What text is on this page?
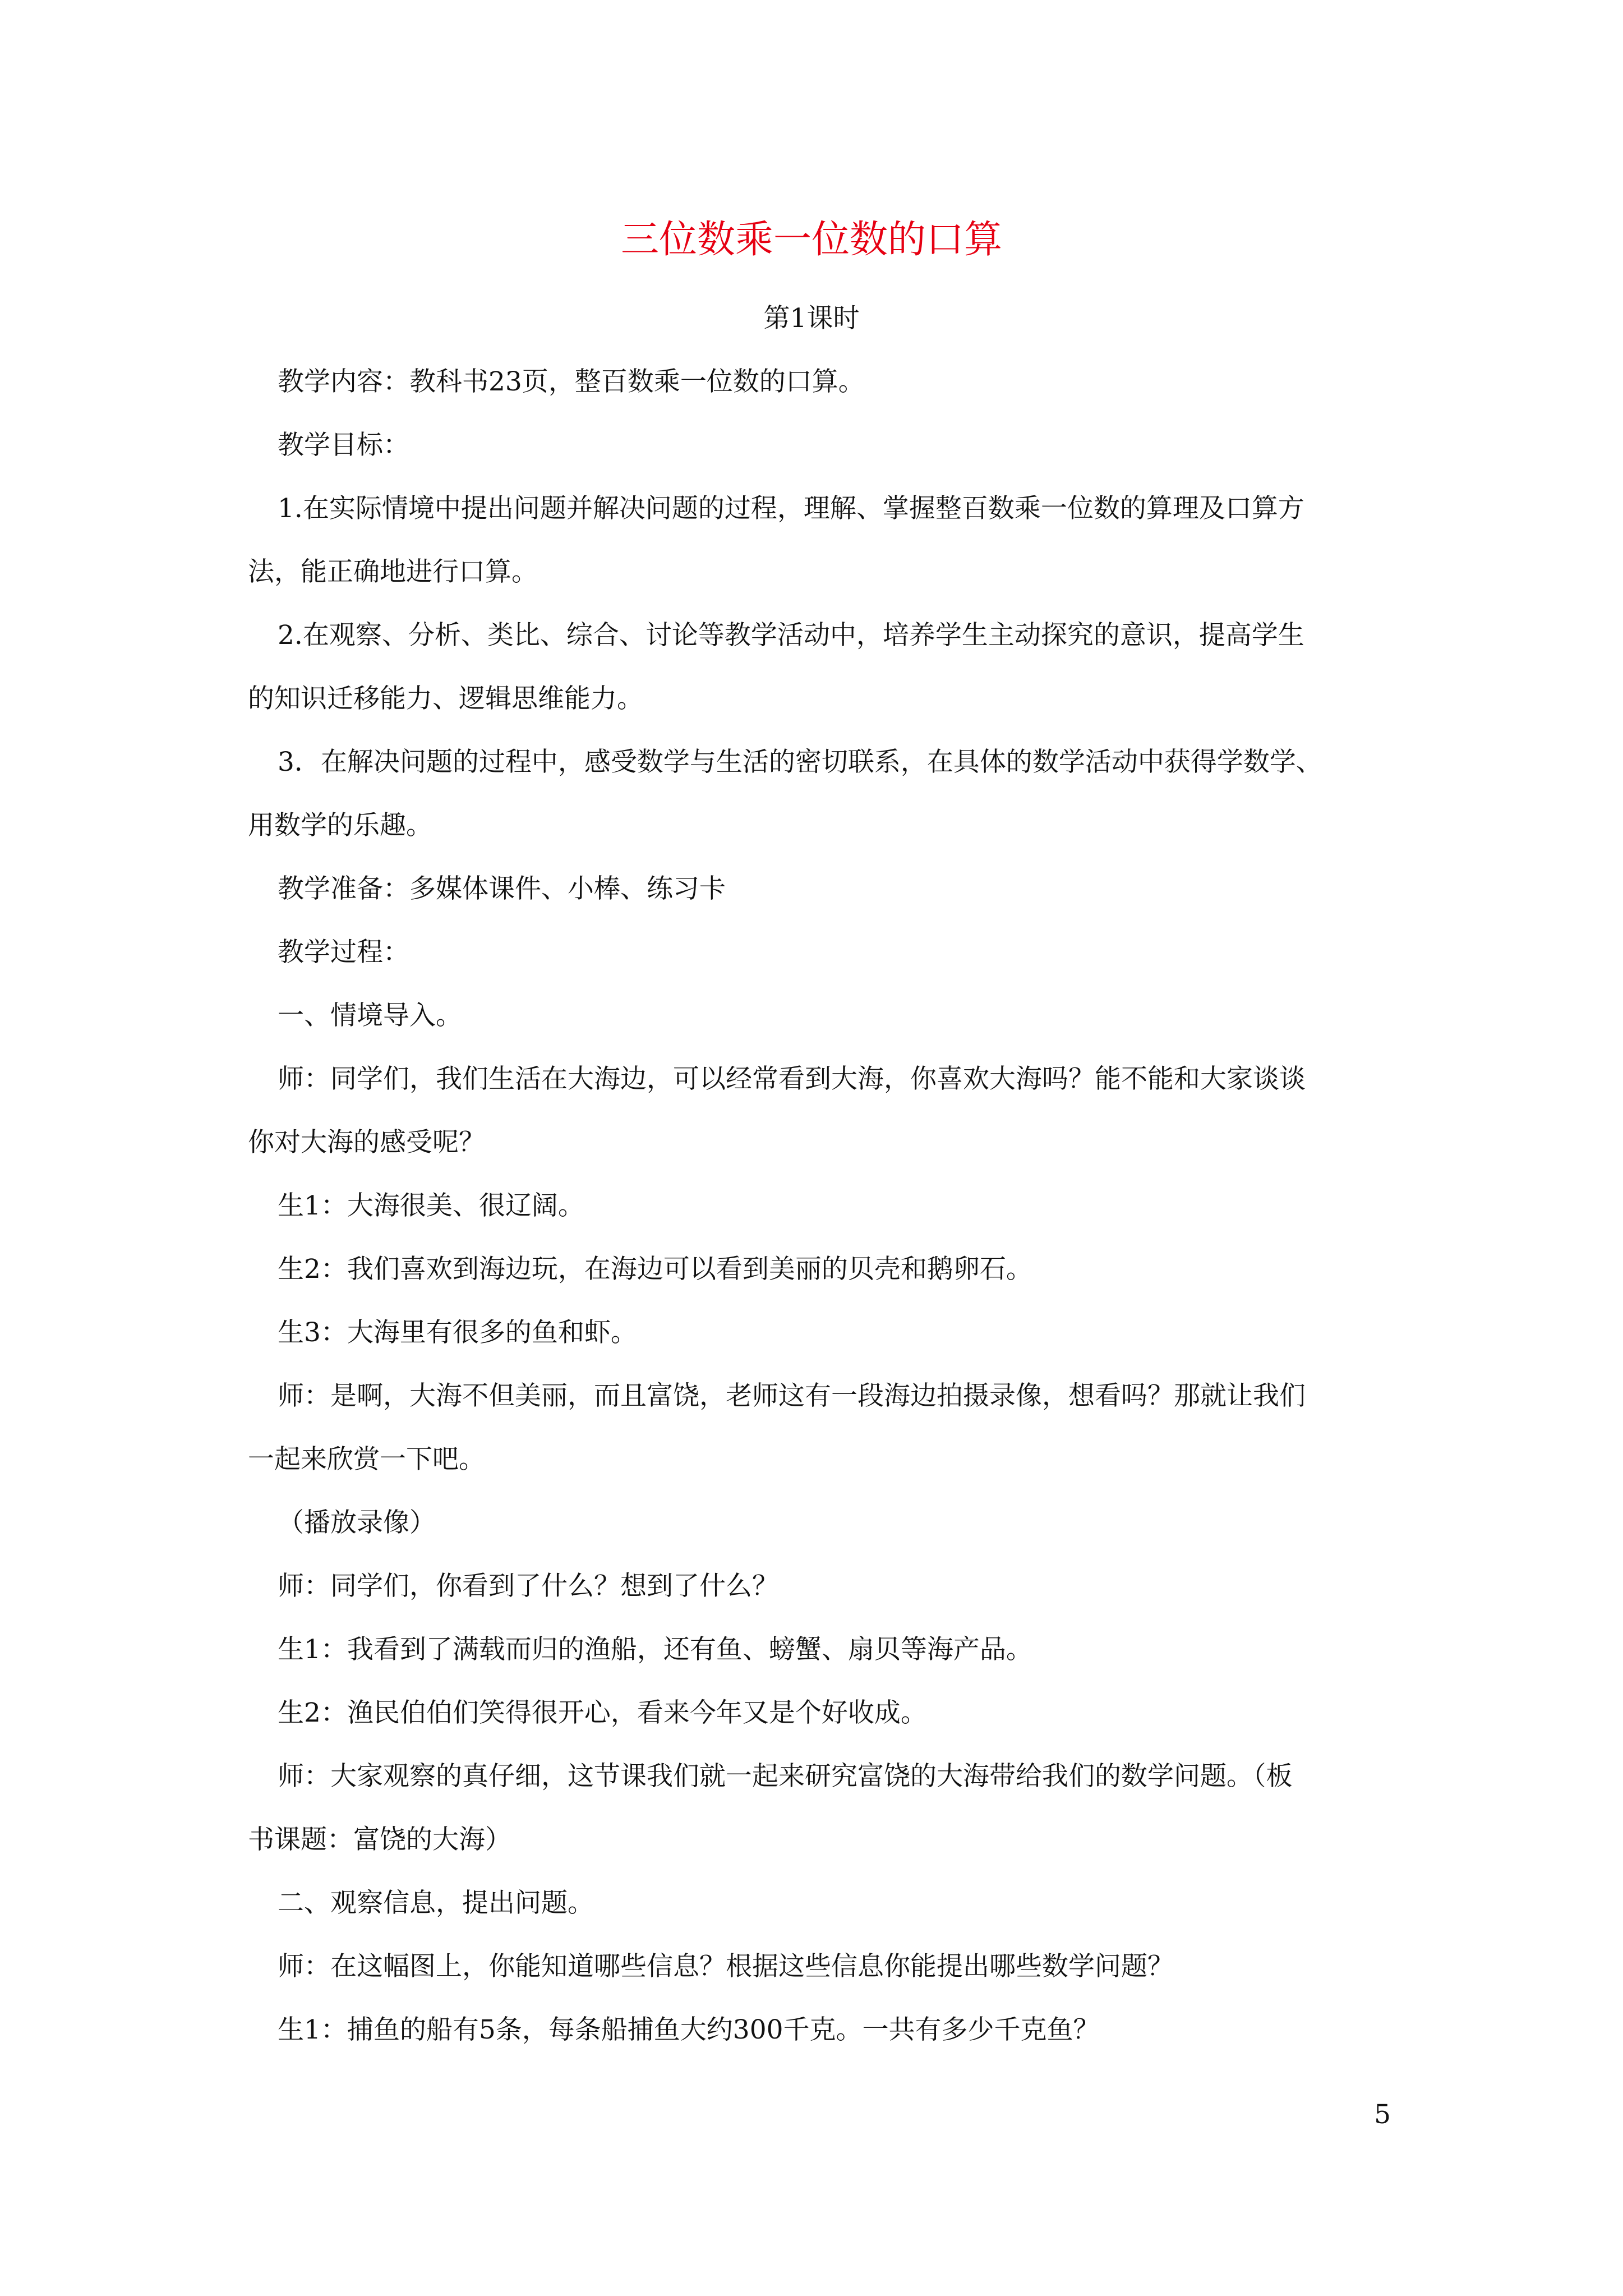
三位数乘一位数的口算
第1课时
教学内容：教科书23页，整百数乘一位数的口算。
教学目标：
1.在实际情境中提出问题并解决问题的过程，理解、掌握整百数乘一位数的算理及口算方
法，能正确地进行口算。
2.在观察、分析、类比、综合、讨论等教学活动中，培养学生主动探究的意识，提高学生
的知识迁移能力、逻辑思维能力。
3．在解决问题的过程中，感受数学与生活的密切联系，在具体的数学活动中获得学数学、
用数学的乐趣。
教学准备：多媒体课件、小棒、练习卡
教学过程：
一、情境导入。
师：同学们，我们生活在大海边，可以经常看到大海，你喜欢大海吗？能不能和大家谈谈
你对大海的感受呢？
生1：大海很美、很辽阔。
生2：我们喜欢到海边玩，在海边可以看到美丽的贝壳和鹅卵石。
生3：大海里有很多的鱼和虾。
师：是啊，大海不但美丽，而且富饶，老师这有一段海边拍摄录像，想看吗？那就让我们
一起来欣赏一下吧。
（播放录像）
师：同学们，你看到了什么？想到了什么？
生1：我看到了满载而归的渔船，还有鱼、螃蟹、扇贝等海产品。
生2：渔民伯伯们笑得很开心，看来今年又是个好收成。
师：大家观察的真仔细，这节课我们就一起来研究富饶的大海带给我们的数学问题。（板
书课题：富饶的大海）
二、观察信息，提出问题。
师：在这幅图上，你能知道哪些信息？根据这些信息你能提出哪些数学问题？
生1：捕鱼的船有5条，每条船捕鱼大约300千克。一共有多少千克鱼？
5
